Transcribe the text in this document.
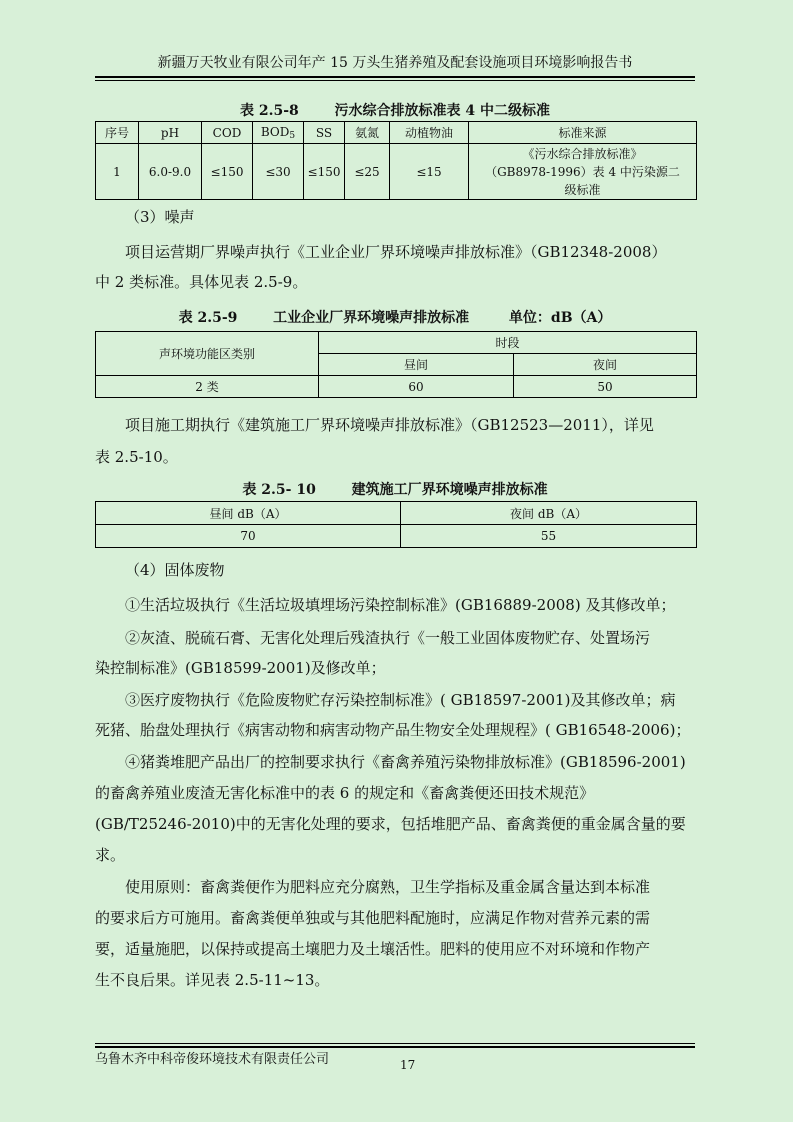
新疆万天牧业有限公司年产 15 万头生猪养殖及配套设施项目环境影响报告书
表 2.5-8	污水综合排放标准表 4 中二级标准
序号	pH	COD	$BOD_5$	SS	氨氮	动植物油	标准来源
1	6.0-9.0	≤150	≤30	≤150	≤25	≤15	《污水综合排放标准》
（GB8978-1996）表 4 中污染源二
级标准
（3）噪声
项目运营期厂界噪声执行《工业企业厂界环境噪声排放标准》（GB12348-2008）
中 2 类标准。具体见表 2.5-9。
表 2.5-9	工业企业厂界环境噪声排放标准	单位：dB（A）
声环境功能区类别	时段	
	昼间	夜间
2 类	60	50
项目施工期执行《建筑施工厂界环境噪声排放标准》（GB12523—2011），详见
表 2.5-10。
表 2.5- 10	建筑施工厂界环境噪声排放标准
昼间 dB（A）	夜间 dB（A）
70	55
（4）固体废物
①生活垃圾执行《生活垃圾填埋场污染控制标准》(GB16889-2008) 及其修改单；
②灰渣、脱硫石膏、无害化处理后残渣执行《一般工业固体废物贮存、处置场污
染控制标准》(GB18599-2001)及修改单；
③医疗废物执行《危险废物贮存污染控制标准》( GB18597-2001)及其修改单；病
死猪、胎盘处理执行《病害动物和病害动物产品生物安全处理规程》( GB16548-2006)；
④猪粪堆肥产品出厂的控制要求执行《畜禽养殖污染物排放标准》(GB18596-2001)
的畜禽养殖业废渣无害化标准中的表 6 的规定和《畜禽粪便还田技术规范》
(GB/T25246-2010)中的无害化处理的要求，包括堆肥产品、畜禽粪便的重金属含量的要
求。
使用原则：畜禽粪便作为肥料应充分腐熟，卫生学指标及重金属含量达到本标准
的要求后方可施用。畜禽粪便单独或与其他肥料配施时，应满足作物对营养元素的需
要，适量施肥，以保持或提高土壤肥力及土壤活性。肥料的使用应不对环境和作物产
生不良后果。详见表 2.5-11~13。
乌鲁木齐中科帝俊环境技术有限责任公司	17
